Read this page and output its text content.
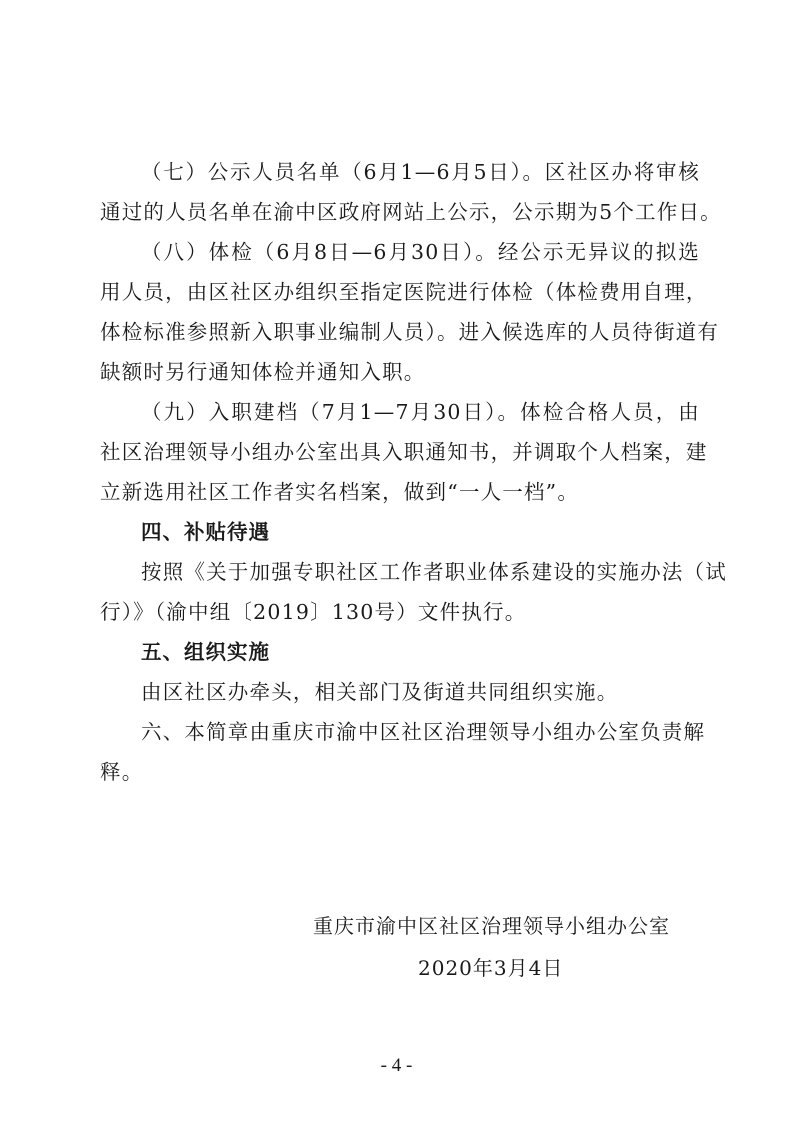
（七）公示人员名单（6月1—6月5日）。区社区办将审核
通过的人员名单在渝中区政府网站上公示，公示期为5个工作日。
（八）体检（6月8日—6月30日）。经公示无异议的拟选
用人员，由区社区办组织至指定医院进行体检（体检费用自理，
体检标准参照新入职事业编制人员）。进入候选库的人员待街道有
缺额时另行通知体检并通知入职。
（九）入职建档（7月1—7月30日）。体检合格人员，由
社区治理领导小组办公室出具入职通知书，并调取个人档案，建
立新选用社区工作者实名档案，做到“一人一档”。
四、补贴待遇
按照《关于加强专职社区工作者职业体系建设的实施办法（试
行）》（渝中组〔2019〕130号）文件执行。
五、组织实施
由区社区办牵头，相关部门及街道共同组织实施。
六、本简章由重庆市渝中区社区治理领导小组办公室负责解
释。
重庆市渝中区社区治理领导小组办公室
2020年3月4日
- 4 -
